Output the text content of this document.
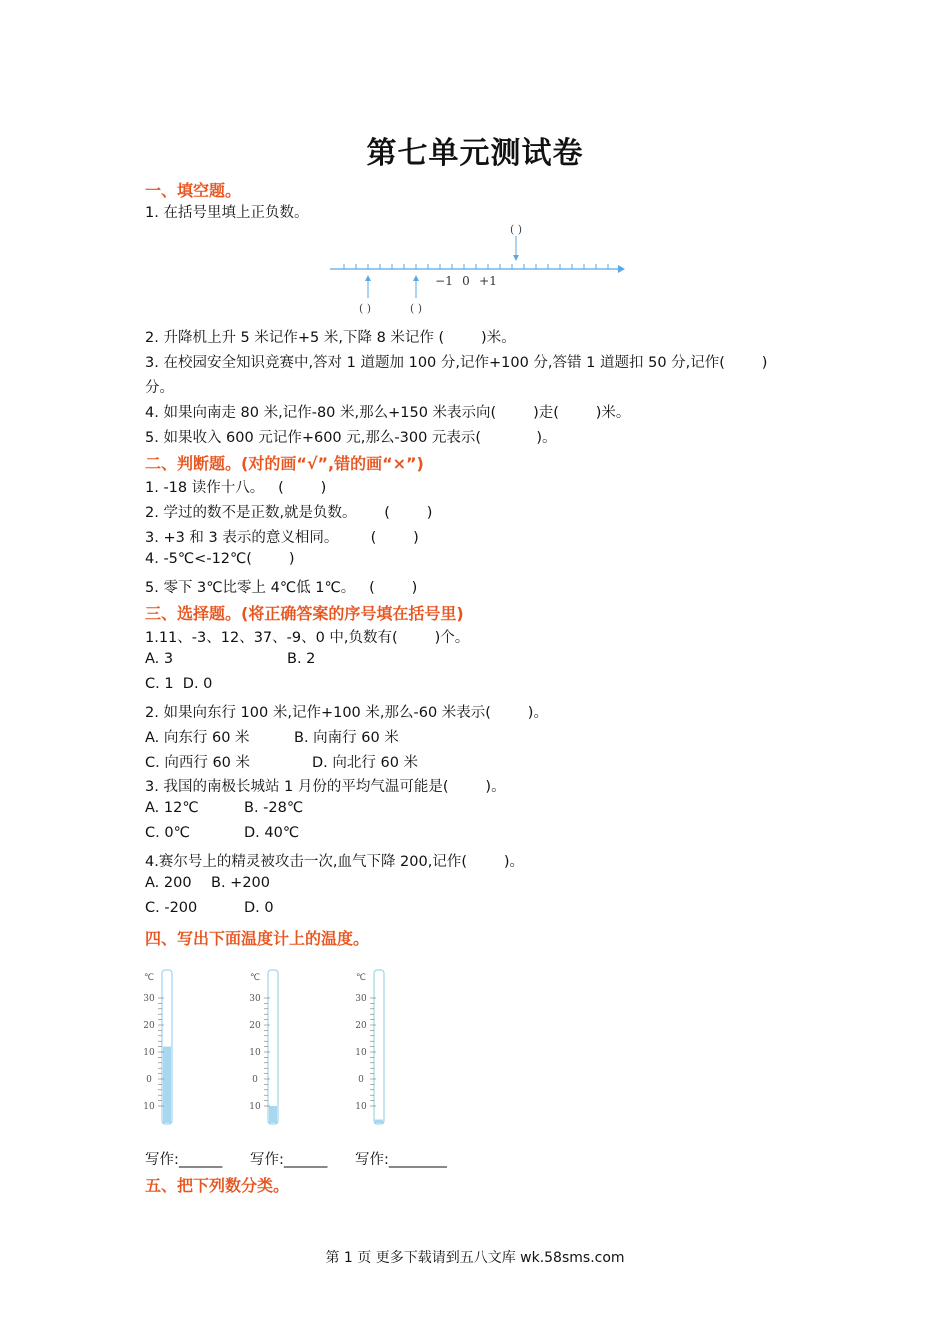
第七单元测试卷
一、填空题。
1. 在括号里填上正负数。
( )
−1 0 +1
( )	( )
2. 升降机上升 5 米记作+5 米,下降 8 米记作 (        )米。
3. 在校园安全知识竞赛中,答对 1 道题加 100 分,记作+100 分,答错 1 道题扣 50 分,记作(        )
分。
4. 如果向南走 80 米,记作-80 米,那么+150 米表示向(        )走(        )米。
5. 如果收入 600 元记作+600 元,那么-300 元表示(            )。
二、判断题。(对的画“√”,错的画“×”)
1. -18 读作十八。   (        )
2. 学过的数不是正数,就是负数。      (        )
3. +3 和 3 表示的意义相同。       (        )
4. -5℃<-12℃(        )
5. 零下 3℃比零上 4℃低 1℃。   (        )
三、选择题。(将正确答案的序号填在括号里)
1.11、-3、12、37、-9、0 中,负数有(        )个。
A. 3	B. 2
C. 1  D. 0
2. 如果向东行 100 米,记作+100 米,那么-60 米表示(        )。
A. 向东行 60 米	B. 向南行 60 米
C. 向西行 60 米	D. 向北行 60 米
3. 我国的南极长城站 1 月份的平均气温可能是(        )。
A. 12℃	B. -28℃
C. 0℃	D. 40℃
4.赛尔号上的精灵被攻击一次,血气下降 200,记作(        )。
A. 200 B. +200
C. -200	D. 0
四、写出下面温度计上的温度。
℃
30
20
10
0
10
℃
30
20
10
0
10
℃
30
20
10
0
10
写作:______ 写作:______ 写作:________
五、把下列数分类。
第 1 页 更多下载请到五八文库 wk.58sms.com
